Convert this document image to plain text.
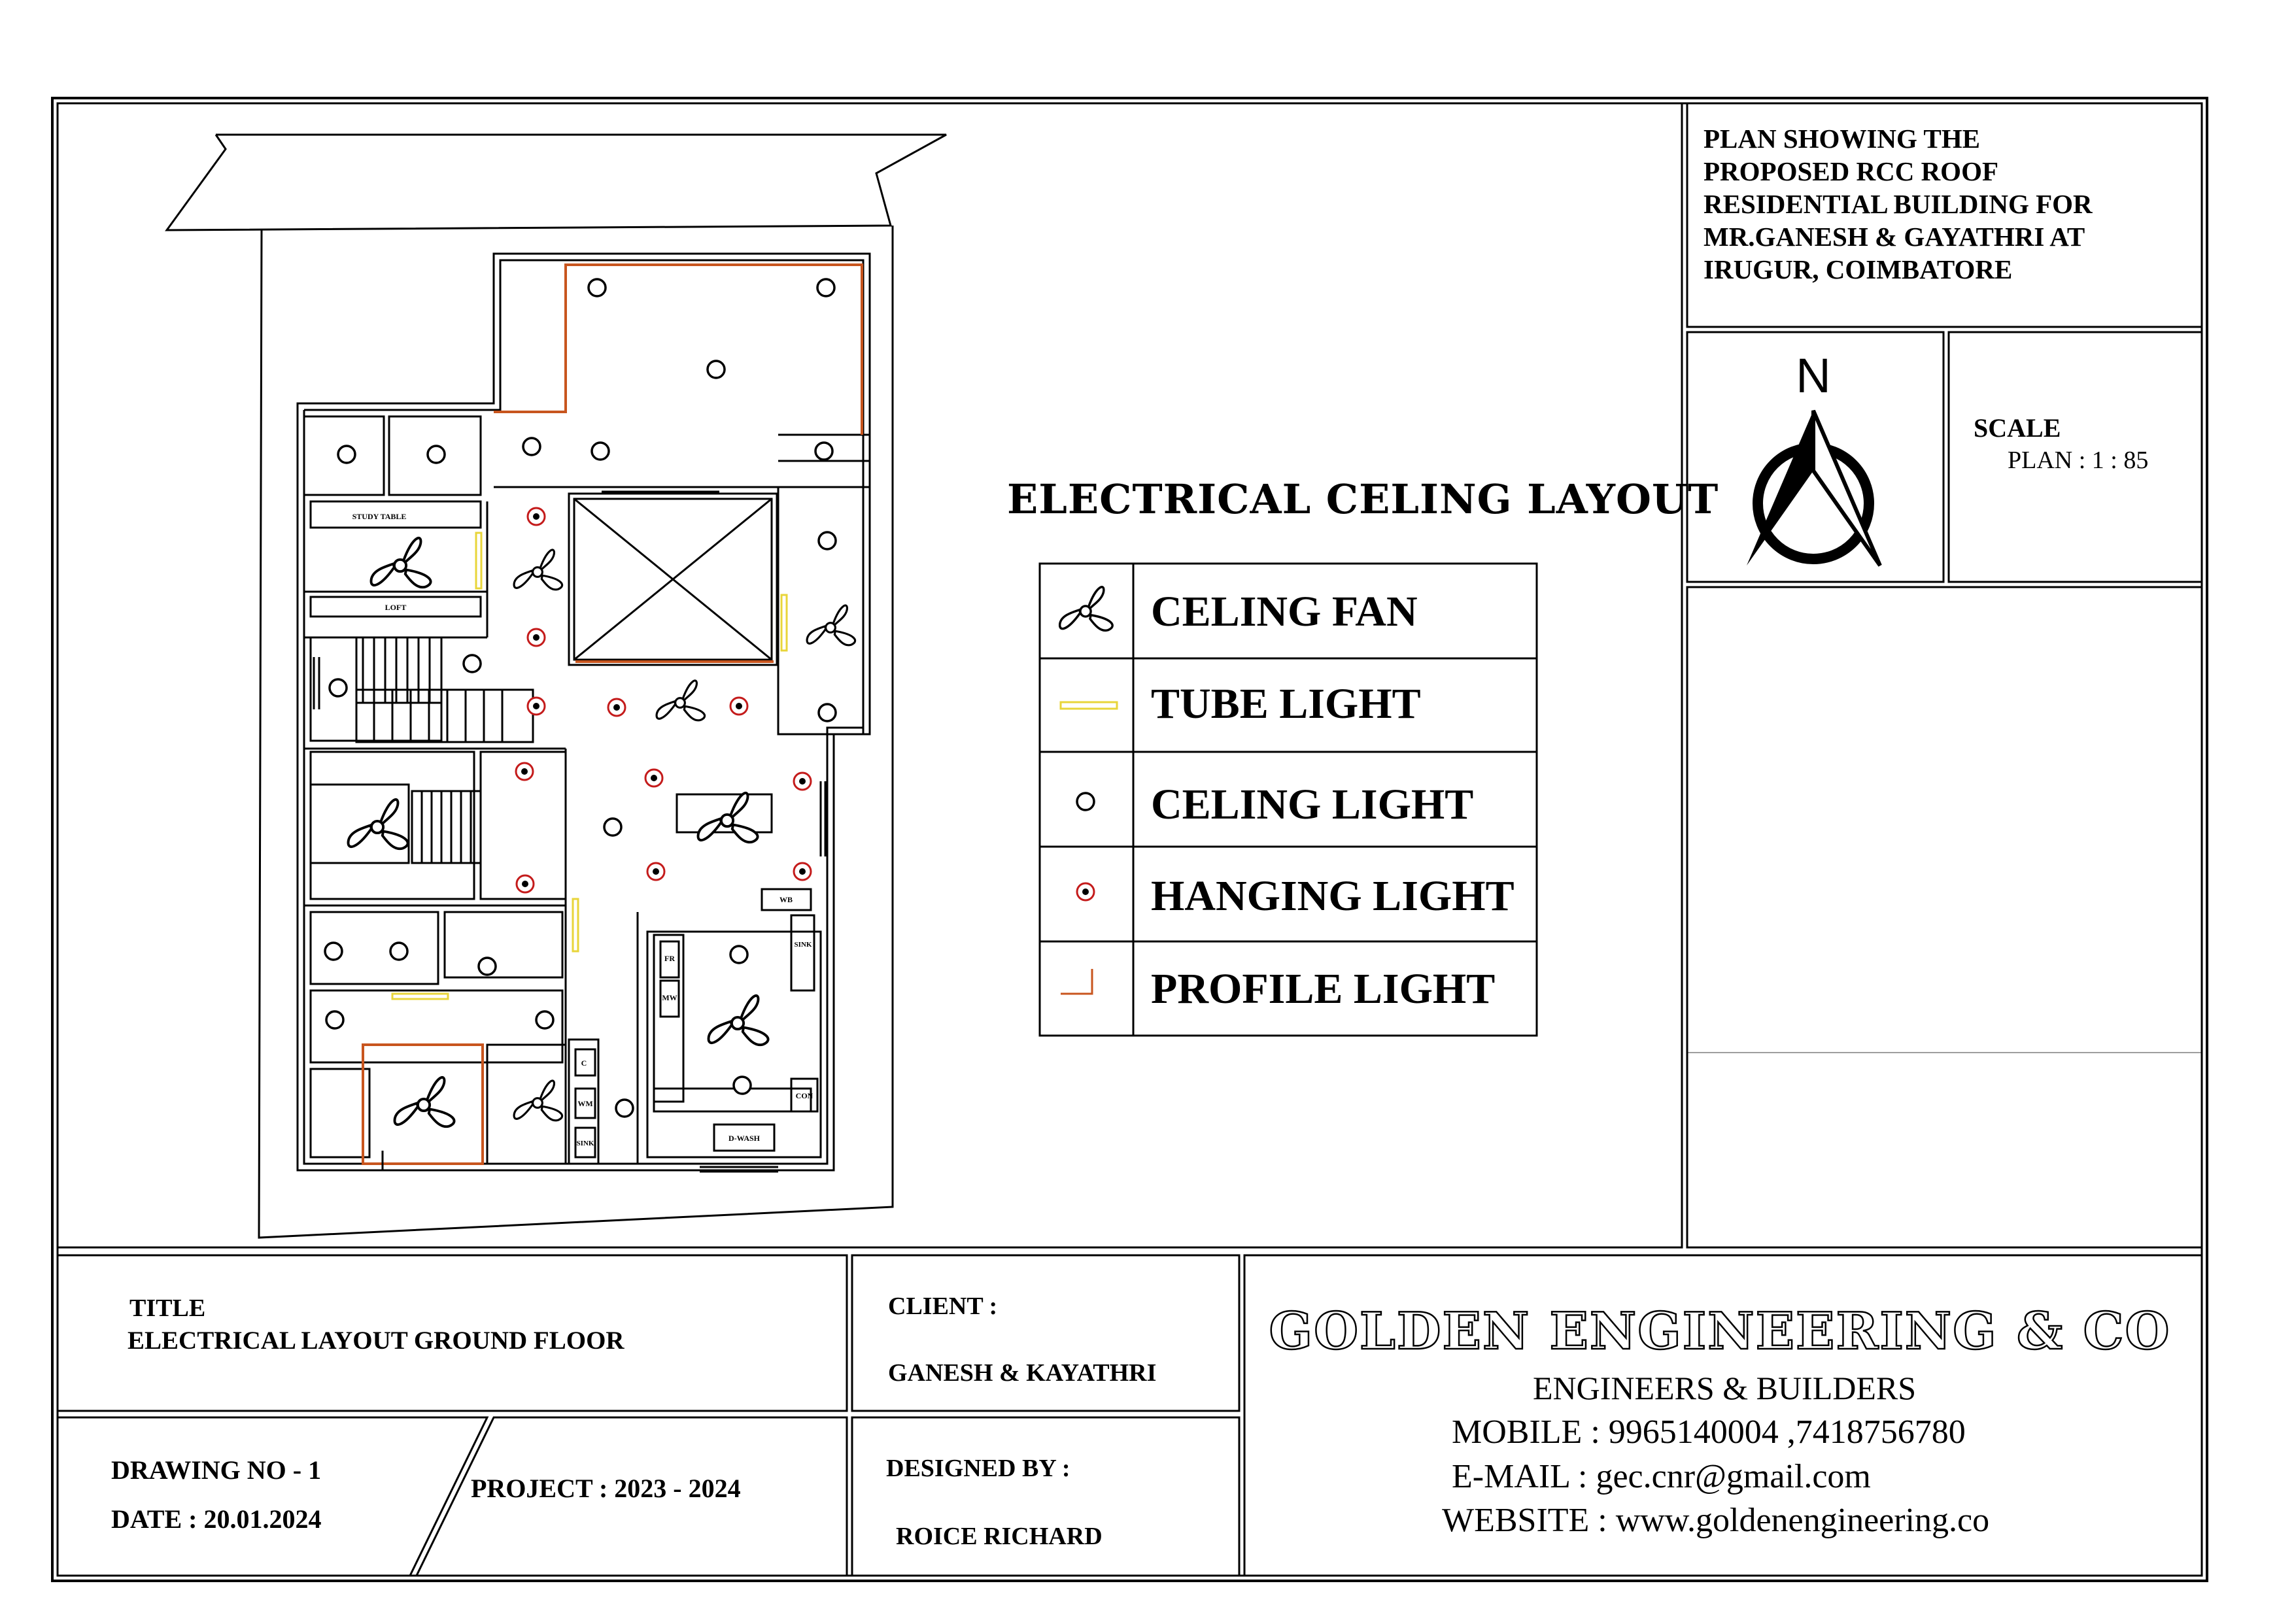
PLAN SHOWING THE
PROPOSED RCC ROOF
RESIDENTIAL BUILDING FOR
MR.GANESH & GAYATHRI AT
IRUGUR, COIMBATORE
N
SCALE
PLAN : 1 : 85
TITLE
ELECTRICAL LAYOUT GROUND FLOOR
DRAWING NO - 1
DATE : 20.01.2024
PROJECT : 2023 - 2024
CLIENT :
GANESH & KAYATHRI
DESIGNED BY :
ROICE RICHARD
GOLDEN ENGINEERING & CO
ENGINEERS & BUILDERS
MOBILE : 9965140004 ,7418756780
E-MAIL : gec.cnr@gmail.com
WEBSITE : www.goldenengineering.co
ELECTRICAL CELING LAYOUT
CELING FAN
TUBE LIGHT
CELING LIGHT
HANGING LIGHT
PROFILE LIGHT
STUDY TABLE
LOFT
FR
MW
WB
SINK
CON
D-WASH
C
WM
SINK
